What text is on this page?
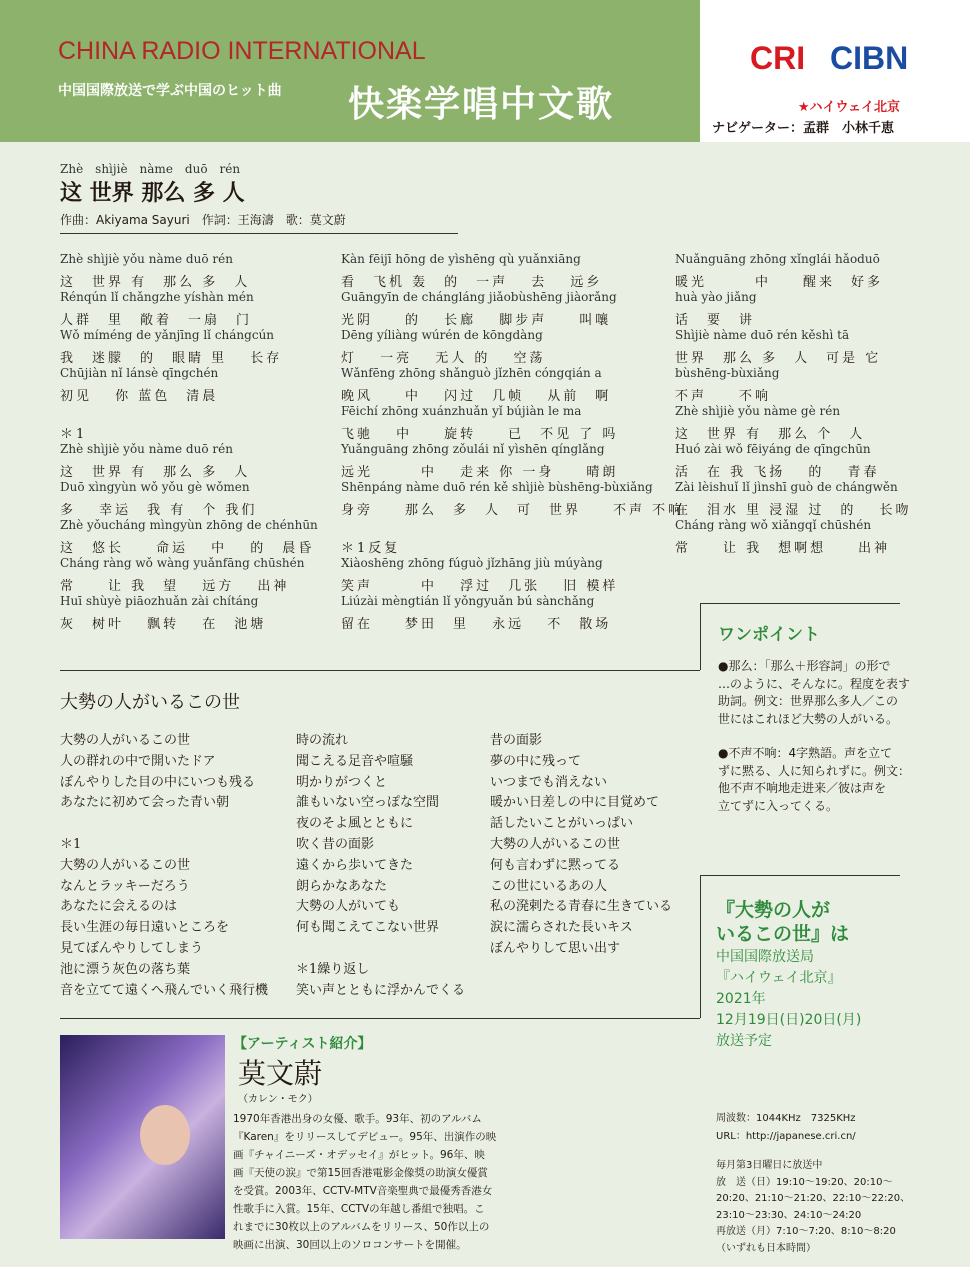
CHINA RADIO INTERNATIONAL
中国国際放送で学ぶ中国のヒット曲 快楽学唱中文歌
CRI CIBN
★ハイウェイ北京
ナビゲーター：孟群　小林千恵
Zhè　shìjiè　nàme　duō　rén
这 世界 那么 多 人
作曲：Akiyama Sayuri　作詞：王海濤　歌：莫文蔚
Zhè shìjiè yǒu nàme duō rén
这　世界 有　那么 多　人
Rénqún lǐ chǎngzhe yíshàn mén
人群　里　敞着　一扇　门
Wǒ míméng de yǎnjīng lǐ chángcún
我　迷朦　的　眼睛 里　 长存
Chūjiàn nǐ lánsè qīngchén
初见　 你 蓝色　清晨
＊1
Zhè shìjiè yǒu nàme duō rén
这　世界 有　那么 多　人
Duō xìngyùn wǒ yǒu gè wǒmen
多　 幸运　我 有　个 我们
Zhè yǒucháng mìngyùn zhōng de chénhūn
这　悠长　　命运　 中　 的　晨昏
Cháng ràng wǒ wàng yuǎnfāng chūshén
常　　让 我　望　 远方　 出神
Huī shùyè piāozhuǎn zài chítáng
灰　树叶　 飘转　 在　池塘
Kàn fēijī hōng de yìshēng qù yuǎnxiāng
看　飞机 轰　的　一声　 去　 远乡
Guāngyīn de chángláng jiǎobùshēng jiàorǎng
光阴　　的　 长廊　 脚步声　　叫嚷
Dēng yíliàng wúrén de kōngdàng
灯　 一亮　 无人 的　 空荡
Wǎnfēng zhōng shǎnguò jǐzhēn cóngqián a
晚风　　中　 闪过　几帧　 从前　啊
Fēichí zhōng xuánzhuǎn yǐ bújiàn le ma
飞驰　 中　　旋转　　已　不见 了 吗
Yuǎnguāng zhōng zǒulái nǐ yìshēn qínglǎng
远光　　　中　 走来 你 一身　　晴朗
Shēnpáng nàme duō rén kě shìjiè bùshēng-bùxiǎng
身旁　　那么　多　人　可　世界　　不声 不响
＊1反复
Xiàoshēng zhōng fúguò jǐzhāng jiù múyàng
笑声　　　中　 浮过　几张　 旧 模样
Liúzài mèngtián lǐ yǒngyuǎn bú sànchǎng
留在　　梦田　里　 永远　 不　散场
Nuǎnguāng zhōng xǐnglái hǎoduō
暖光　　　中　　醒来　好多
huà yào jiǎng
话　要　讲
Shìjiè nàme duō rén kěshì tā
世界　那么 多　人　可是 它
bùshēng-bùxiǎng
不声　　不响
Zhè shìjiè yǒu nàme gè rén
这　世界 有　那么 个　人
Huó zài wǒ fēiyáng de qīngchūn
活　在 我 飞扬　 的　 青春
Zài lèishuǐ lǐ jìnshī guò de chángwěn
在　泪水 里 浸湿 过　的　 长吻
Cháng ràng wǒ xiǎngqǐ chūshén
常　　让 我　想啊想　　出神
大勢の人がいるこの世
大勢の人がいるこの世
人の群れの中で開いたドア
ぼんやりした目の中にいつも残る
あなたに初めて会った青い朝
＊1
大勢の人がいるこの世
なんとラッキーだろう
あなたに会えるのは
長い生涯の毎日遠いところを
見てぼんやりしてしまう
池に漂う灰色の落ち葉
音を立てて遠くへ飛んでいく飛行機
時の流れ
聞こえる足音や喧騒
明かりがつくと
誰もいない空っぽな空間
夜のそよ風とともに
吹く昔の面影
遠くから歩いてきた
朗らかなあなた
大勢の人がいても
何も聞こえてこない世界
＊1繰り返し
笑い声とともに浮かんでくる
昔の面影
夢の中に残って
いつまでも消えない
暖かい日差しの中に目覚めて
話したいことがいっぱい
大勢の人がいるこの世
何も言わずに黙ってる
この世にいるあの人
私の溌剌たる青春に生きている
涙に濡らされた長いキス
ぼんやりして思い出す
ワンポイント
●那么：「那么＋形容詞」の形で
…のように、そんなに。程度を表す
助詞。例文：世界那么多人／この
世にはこれほど大勢の人がいる。
●不声不响：4字熟語。声を立て
ずに黙る、人に知られずに。例文：
他不声不响地走进来／彼は声を
立てずに入ってくる。
『大勢の人が
いるこの世』は
中国国際放送局
『ハイウェイ北京』
2021年
12月19日(日)20日(月)
放送予定
【アーティスト紹介】
莫文蔚
（カレン・モク）
1970年香港出身の女優、歌手。93年、初のアルバム
『Karen』をリリースしてデビュー。95年、出演作の映
画『チャイニーズ・オデッセイ』がヒット。96年、映
画『天使の涙』で第15回香港電影金像奨の助演女優賞
を受賞。2003年、CCTV-MTV音楽聖典で最優秀香港女
性歌手に入賞。15年、CCTVの年越し番組で独唱。こ
れまでに30枚以上のアルバムをリリース、50作以上の
映画に出演、30回以上のソロコンサートを開催。
周波数：1044KHz　7325KHz
URL：http://japanese.cri.cn/
毎月第3日曜日に放送中
放　送（日）19:10～19:20、20:10～
20:20、21:10～21:20、22:10～22:20、
23:10～23:30、24:10～24:20
再放送（月）7:10～7:20、8:10～8:20
（いずれも日本時間）
